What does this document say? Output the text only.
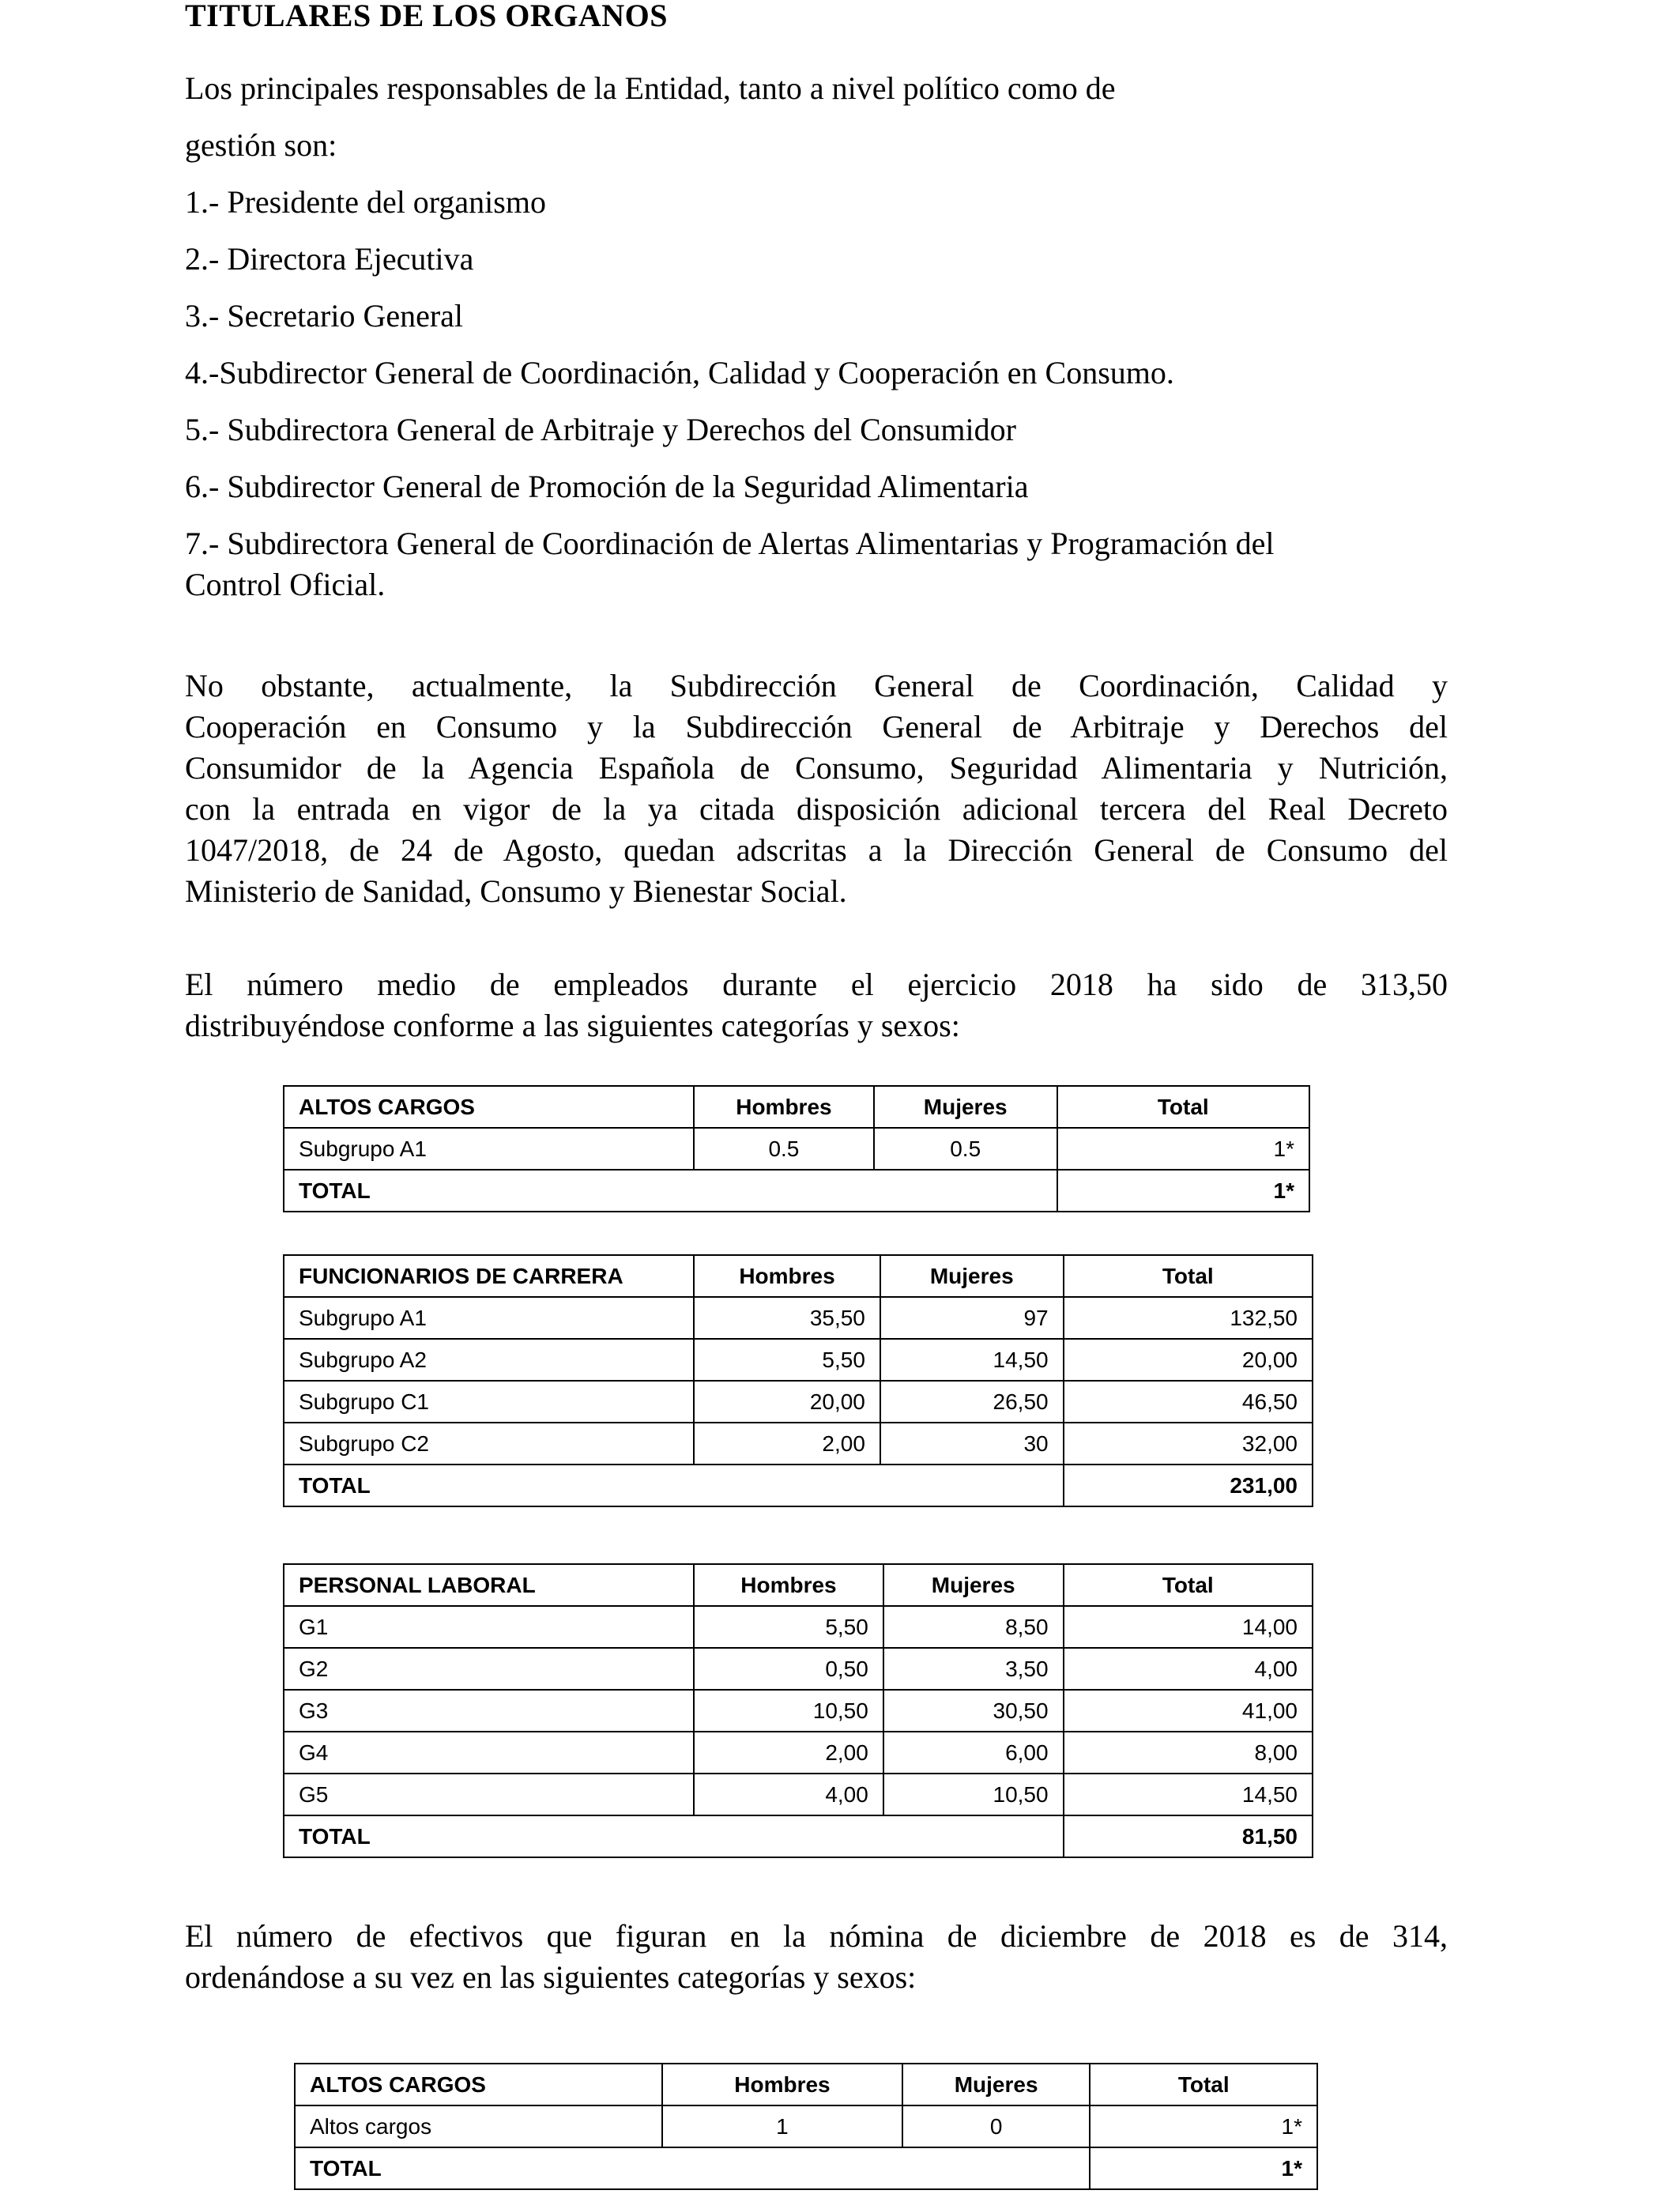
TITULARES DE LOS ORGANOS
Los principales responsables de la Entidad, tanto a nivel político como de
gestión son:
1.- Presidente del organismo
2.- Directora Ejecutiva
3.- Secretario General
4.-Subdirector General de Coordinación, Calidad y Cooperación en Consumo.
5.- Subdirectora General de Arbitraje y Derechos del Consumidor
6.- Subdirector General de Promoción de la Seguridad Alimentaria
7.- Subdirectora General de Coordinación de Alertas Alimentarias y Programación del
Control Oficial.
No obstante, actualmente, la Subdirección General de Coordinación, Calidad y
Cooperación en Consumo y la Subdirección General de Arbitraje y Derechos del
Consumidor de la Agencia Española de Consumo, Seguridad Alimentaria y Nutrición,
con la entrada en vigor de la ya citada disposición adicional tercera del Real Decreto
1047/2018, de 24 de Agosto, quedan adscritas a la Dirección General de Consumo del
Ministerio de Sanidad, Consumo y Bienestar Social.
El número medio de empleados durante el ejercicio 2018 ha sido de 313,50
distribuyéndose conforme a las siguientes categorías y sexos:
ALTOS CARGOS	Hombres	Mujeres	Total
Subgrupo A1	0.5	0.5	1*
TOTAL			1*
FUNCIONARIOS DE CARRERA	Hombres	Mujeres	Total
Subgrupo A1	35,50	97	132,50
Subgrupo A2	5,50	14,50	20,00
Subgrupo C1	20,00	26,50	46,50
Subgrupo C2	2,00	30	32,00
TOTAL			231,00
PERSONAL LABORAL	Hombres	Mujeres	Total
G1	5,50	8,50	14,00
G2	0,50	3,50	4,00
G3	10,50	30,50	41,00
G4	2,00	6,00	8,00
G5	4,00	10,50	14,50
TOTAL			81,50
El número de efectivos que figuran en la nómina de diciembre de 2018 es de 314,
ordenándose a su vez en las siguientes categorías y sexos:
ALTOS CARGOS	Hombres	Mujeres	Total
Altos cargos	1	0	1*
TOTAL			1*
